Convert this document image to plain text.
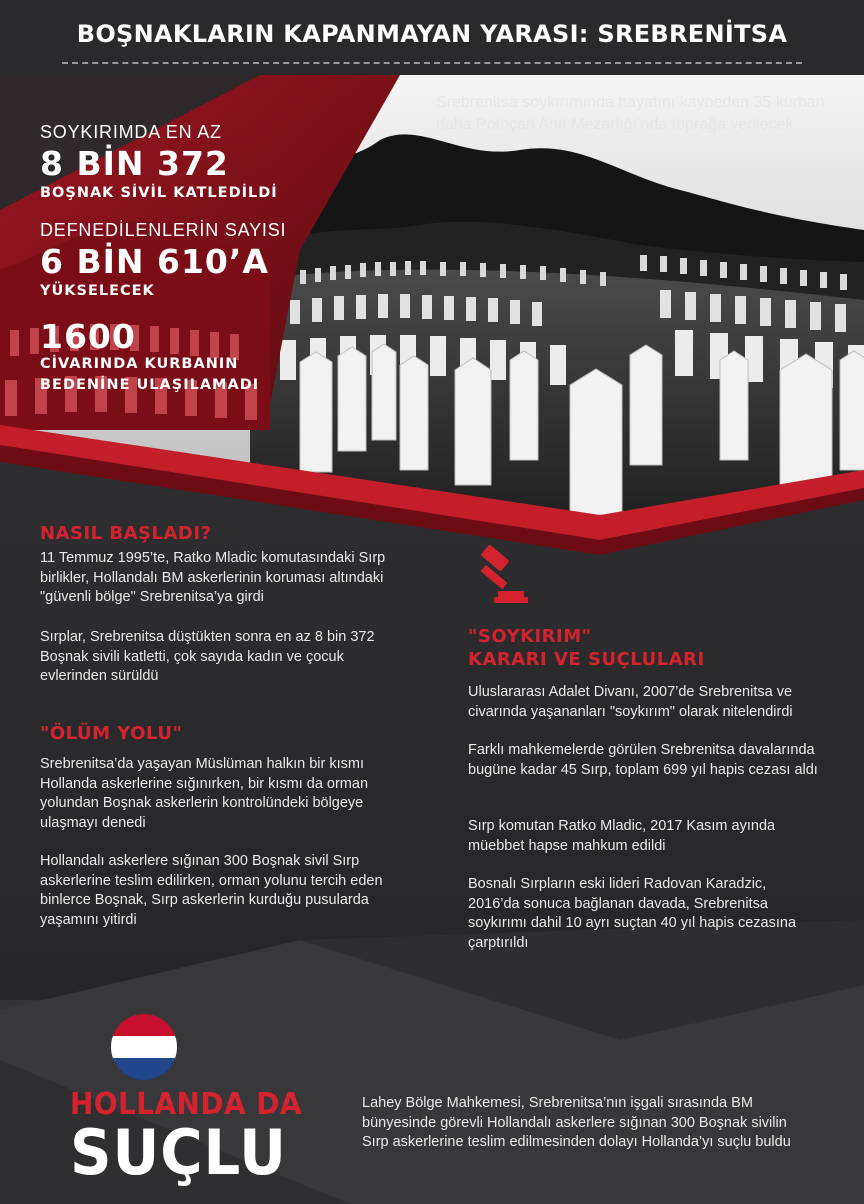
BOŞNAKLARIN KAPANMAYAN YARASI: SREBRENİTSA
Srebrenitsa soykırımında hayatını kaybeden 35 kurban daha Potoçari Anıt Mezarlığı’nda toprağa verilecek
SOYKIRIMDA EN AZ
8 BİN 372
BOŞNAK SİVİL KATLEDİLDİ
DEFNEDİLENLERİN SAYISI
6 BİN 610’A
YÜKSELECEK
1600
CİVARINDA KURBANIN
BEDENİNE ULAŞILAMADI
NASIL BAŞLADI?
11 Temmuz 1995’te, Ratko Mladic komutasındaki Sırp birlikler, Hollandalı BM askerlerinin koruması altındaki "güvenli bölge" Srebrenitsa’ya girdi
Sırplar, Srebrenitsa düştükten sonra en az 8 bin 372 Boşnak sivili katletti, çok sayıda kadın ve çocuk evlerinden sürüldü
"ÖLÜM YOLU"
Srebrenitsa’da yaşayan Müslüman halkın bir kısmı Hollanda askerlerine sığınırken, bir kısmı da orman yolundan Boşnak askerlerin kontrolündeki bölgeye ulaşmayı denedi
Hollandalı askerlere sığınan 300 Boşnak sivil Sırp askerlerine teslim edilirken, orman yolunu tercih eden binlerce Boşnak, Sırp askerlerin kurduğu pusularda yaşamını yitirdi
"SOYKIRIM"
KARARI VE SUÇLULARI
Uluslararası Adalet Divanı, 2007’de Srebrenitsa ve civarında yaşananları "soykırım" olarak nitelendirdi
Farklı mahkemelerde görülen Srebrenitsa davalarında bugüne kadar 45 Sırp, toplam 699 yıl hapis cezası aldı
Sırp komutan Ratko Mladic, 2017 Kasım ayında müebbet hapse mahkum edildi
Bosnalı Sırpların eski lideri Radovan Karadzic, 2016’da sonuca bağlanan davada, Srebrenitsa soykırımı dahil 10 ayrı suçtan 40 yıl hapis cezasına çarptırıldı
HOLLANDA DA
SUÇLU
Lahey Bölge Mahkemesi, Srebrenitsa’nın işgali sırasında BM bünyesinde görevli Hollandalı askerlere sığınan 300 Boşnak sivilin Sırp askerlerine teslim edilmesinden dolayı Hollanda’yı suçlu buldu
